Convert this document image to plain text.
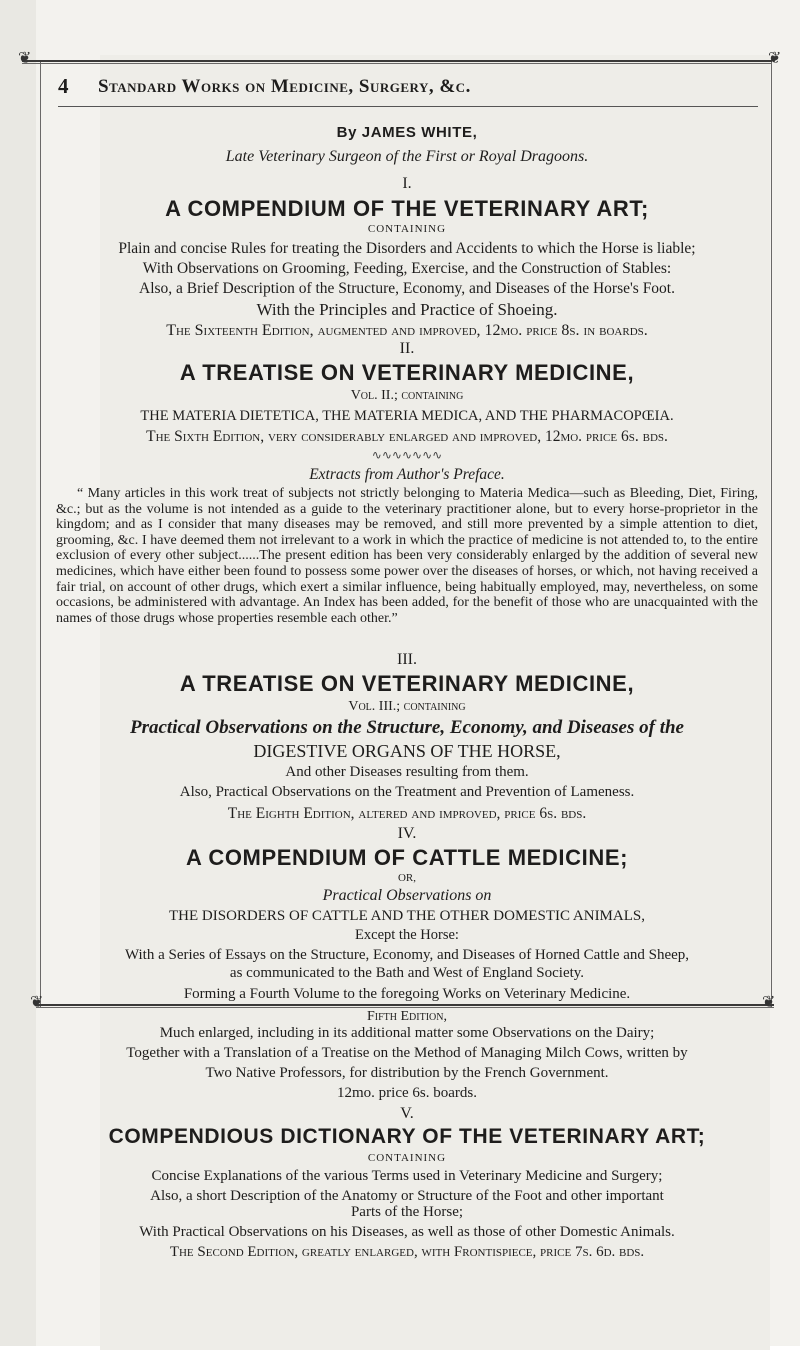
❦	❦
❦	❦
4 Standard Works on Medicine, Surgery, &c.
By JAMES WHITE,
Late Veterinary Surgeon of the First or Royal Dragoons.
I.
A COMPENDIUM OF THE VETERINARY ART;
CONTAINING
Plain and concise Rules for treating the Disorders and Accidents to which the Horse is liable;
With Observations on Grooming, Feeding, Exercise, and the Construction of Stables:
Also, a Brief Description of the Structure, Economy, and Diseases of the Horse's Foot.
With the Principles and Practice of Shoeing.
The Sixteenth Edition, augmented and improved, 12mo. price 8s. in boards.
II.
A TREATISE ON VETERINARY MEDICINE,
Vol. II.; containing
THE MATERIA DIETETICA, THE MATERIA MEDICA, AND THE PHARMACOPŒIA.
The Sixth Edition, very considerably enlarged and improved, 12mo. price 6s. bds.
∿∿∿∿∿∿∿
Extracts from Author's Preface.
“ Many articles in this work treat of subjects not strictly belonging to Materia Medica—such as Bleeding, Diet, Firing, &c.; but as the volume is not intended as a guide to the veterinary practitioner alone, but to every horse-proprietor in the kingdom; and as I consider that many diseases may be removed, and still more prevented by a simple attention to diet, grooming, &c. I have deemed them not irrelevant to a work in which the practice of medicine is not attended to, to the entire exclusion of every other subject......The present edition has been very considerably enlarged by the addition of several new medicines, which have either been found to possess some power over the diseases of horses, or which, not having received a fair trial, on account of other drugs, which exert a similar influence, being habitually employed, may, nevertheless, on some occasions, be administered with advantage. An Index has been added, for the benefit of those who are unacquainted with the names of those drugs whose properties resemble each other.”
III.
A TREATISE ON VETERINARY MEDICINE,
Vol. III.; containing
Practical Observations on the Structure, Economy, and Diseases of the
DIGESTIVE ORGANS OF THE HORSE,
And other Diseases resulting from them.
Also, Practical Observations on the Treatment and Prevention of Lameness.
The Eighth Edition, altered and improved, price 6s. bds.
IV.
A COMPENDIUM OF CATTLE MEDICINE;
OR,
Practical Observations on
THE DISORDERS OF CATTLE AND THE OTHER DOMESTIC ANIMALS,
Except the Horse:
With a Series of Essays on the Structure, Economy, and Diseases of Horned Cattle and Sheep,
as communicated to the Bath and West of England Society.
Forming a Fourth Volume to the foregoing Works on Veterinary Medicine.
Fifth Edition,
Much enlarged, including in its additional matter some Observations on the Dairy;
Together with a Translation of a Treatise on the Method of Managing Milch Cows, written by
Two Native Professors, for distribution by the French Government.
12mo. price 6s. boards.
V.
COMPENDIOUS DICTIONARY OF THE VETERINARY ART;
CONTAINING
Concise Explanations of the various Terms used in Veterinary Medicine and Surgery;
Also, a short Description of the Anatomy or Structure of the Foot and other important
Parts of the Horse;
With Practical Observations on his Diseases, as well as those of other Domestic Animals.
The Second Edition, greatly enlarged, with Frontispiece, price 7s. 6d. bds.
